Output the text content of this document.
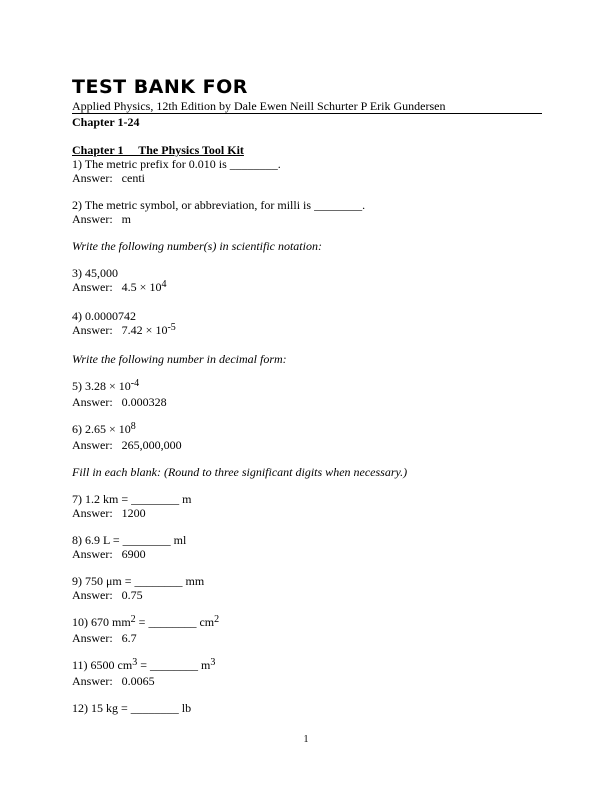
TEST BANK FOR
Applied Physics, 12th Edition by Dale Ewen Neill Schurter P Erik Gundersen
Chapter 1-24
Chapter 1     The Physics Tool Kit
1) The metric prefix for 0.010 is ________.
Answer: centi
2) The metric symbol, or abbreviation, for milli is ________.
Answer: m
Write the following number(s) in scientific notation:
3) 45,000
Answer: $4.5 \times 10^4$
4) 0.0000742
Answer: $7.42 \times 10^{-5}$
Write the following number in decimal form:
5) $3.28 \times 10^{-4}$
Answer: 0.000328
6) $2.65 \times 10^8$
Answer: 265,000,000
Fill in each blank: (Round to three significant digits when necessary.)
7) 1.2 km = ________ m
Answer: 1200
8) 6.9 L = ________ ml
Answer: 6900
9) 750 μm = ________ mm
Answer: 0.75
10) 670 $mm^2$ = ________ $cm^2$
Answer: 6.7
11) 6500 $cm^3$ = ________ $m^3$
Answer: 0.0065
12) 15 kg = ________ lb
1
